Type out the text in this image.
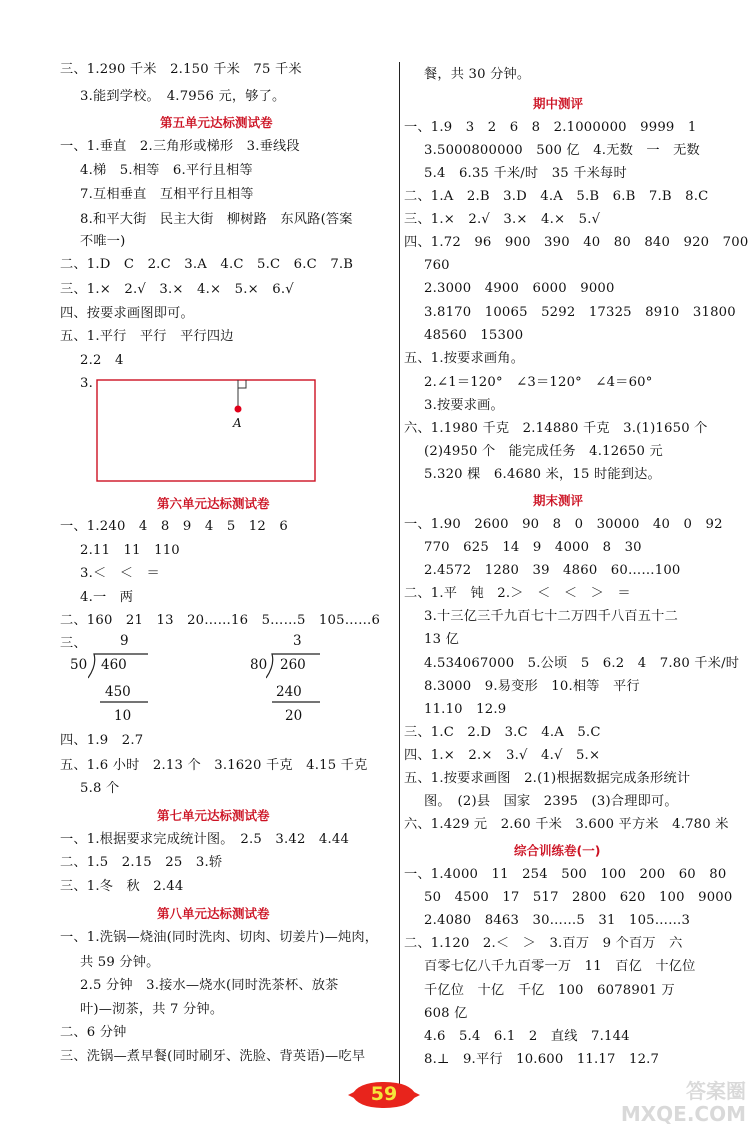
三、1.290 千米　2.150 千米　75 千米
3.能到学校。　4.7956 元，够了。
第五单元达标测试卷
一、1.垂直　2.三角形或梯形　3.垂线段
4.梯　5.相等　6.平行且相等
7.互相垂直　互相平行且相等
8.和平大街　民主大街　柳树路　东风路(答案
不唯一)
二、1.D　C　2.C　3.A　4.C　5.C　6.C　7.B
三、1.×　2.√　3.×　4.×　5.×　6.√
四、按要求画图即可。
五、1.平行　平行　平行四边
2.2　4
3.
A
第六单元达标测试卷
一、1.240　4　8　9　4　5　12　6
2.11　11　110
3.＜　＜　＝
4.一　两
二、160　21　13　20……16　5……5　105……6
三、 9
50 460
450
10
3
80 260
240
20
四、1.9　2.7
五、1.6 小时　2.13 个　3.1620 千克　4.15 千克
5.8 个
第七单元达标测试卷
一、1.根据要求完成统计图。　2.5　3.42　4.44
二、1.5　2.15　25　3.轿
三、1.冬　秋　2.44
第八单元达标测试卷
一、1.洗锅—烧油(同时洗肉、切肉、切姜片)—炖肉，
共 59 分钟。
2.5 分钟　3.接水—烧水(同时洗茶杯、放茶
叶)—沏茶，共 7 分钟。
二、6 分钟
三、洗锅—煮早餐(同时刷牙、洗脸、背英语)—吃早
餐，共 30 分钟。
期中测评
一、1.9　3　2　6　8　2.1000000　9999　1
3.5000800000　500 亿　4.无数　一　无数
5.4　6.35 千米/时　35 千米每时
二、1.A　2.B　3.D　4.A　5.B　6.B　7.B　8.C
三、1.×　2.√　3.×　4.×　5.√
四、1.72　96　900　390　40　80　840　920　700
760
2.3000　4900　6000　9000
3.8170　10065　5292　17325　8910　31800
48560　15300
五、1.按要求画角。
2.∠1＝120°　∠3＝120°　∠4＝60°
3.按要求画。
六、1.1980 千克　2.14880 千克　3.(1)1650 个
(2)4950 个　能完成任务　4.12650 元
5.320 棵　6.4680 米，15 时能到达。
期末测评
一、1.90　2600　90　8　0　30000　40　0　92
770　625　14　9　4000　8　30
2.4572　1280　39　4860　60……100
二、1.平　钝　2.＞　＜　＜　＞　＝
3.十三亿三千九百七十二万四千八百五十二
13 亿
4.534067000　5.公顷　5　6.2　4　7.80 千米/时
8.3000　9.易变形　10.相等　平行
11.10　12.9
三、1.C　2.D　3.C　4.A　5.C
四、1.×　2.×　3.√　4.√　5.×
五、1.按要求画图　2.(1)根据数据完成条形统计
图。　(2)县　国家　2395　(3)合理即可。
六、1.429 元　2.60 千米　3.600 平方米　4.780 米
综合训练卷(一)
一、1.4000　11　254　500　100　200　60　80
50　4500　17　517　2800　620　100　9000
2.4080　8463　30……5　31　105……3
二、1.120　2.＜　＞　3.百万　9 个百万　六
百零七亿八千九百零一万　11　百亿　十亿位
千亿位　十亿　千亿　100　6078901 万
608 亿
4.6　5.4　6.1　2　直线　7.144
8.⊥　9.平行　10.600　11.17　12.7
59	答案圈 MXQE.COM
